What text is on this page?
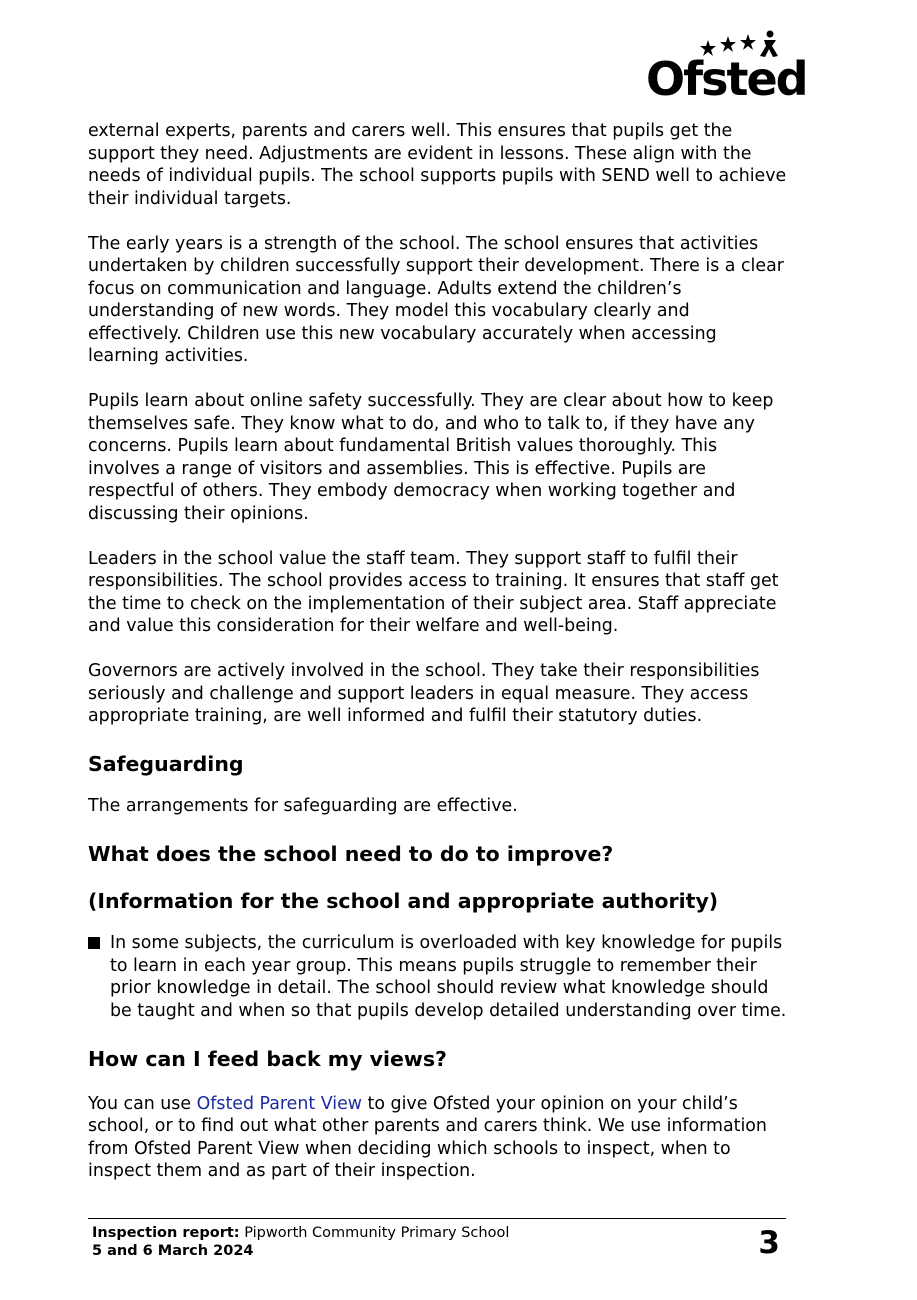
Ofsted

external experts, parents and carers well. This ensures that pupils get the support they need. Adjustments are evident in lessons. These align with the needs of individual pupils. The school supports pupils with SEND well to achieve their individual targets.

The early years is a strength of the school. The school ensures that activities undertaken by children successfully support their development. There is a clear focus on communication and language. Adults extend the children’s understanding of new words. They model this vocabulary clearly and effectively. Children use this new vocabulary accurately when accessing learning activities.

Pupils learn about online safety successfully. They are clear about how to keep themselves safe. They know what to do, and who to talk to, if they have any concerns. Pupils learn about fundamental British values thoroughly. This involves a range of visitors and assemblies. This is effective. Pupils are respectful of others. They embody democracy when working together and discussing their opinions.

Leaders in the school value the staff team. They support staff to fulfil their responsibilities. The school provides access to training. It ensures that staff get the time to check on the implementation of their subject area. Staff appreciate and value this consideration for their welfare and well-being.

Governors are actively involved in the school. They take their responsibilities seriously and challenge and support leaders in equal measure. They access appropriate training, are well informed and fulfil their statutory duties.

Safeguarding

The arrangements for safeguarding are effective.

What does the school need to do to improve?
(Information for the school and appropriate authority)
In some subjects, the curriculum is overloaded with key knowledge for pupils to learn in each year group. This means pupils struggle to remember their prior knowledge in detail. The school should review what knowledge should be taught and when so that pupils develop detailed understanding over time.
How can I feed back my views?

You can use Ofsted Parent View to give Ofsted your opinion on your child’s school, or to find out what other parents and carers think. We use information from Ofsted Parent View when deciding which schools to inspect, when to inspect them and as part of their inspection.

Inspection report: Pipworth Community Primary School
5 and 6 March 2024	3
